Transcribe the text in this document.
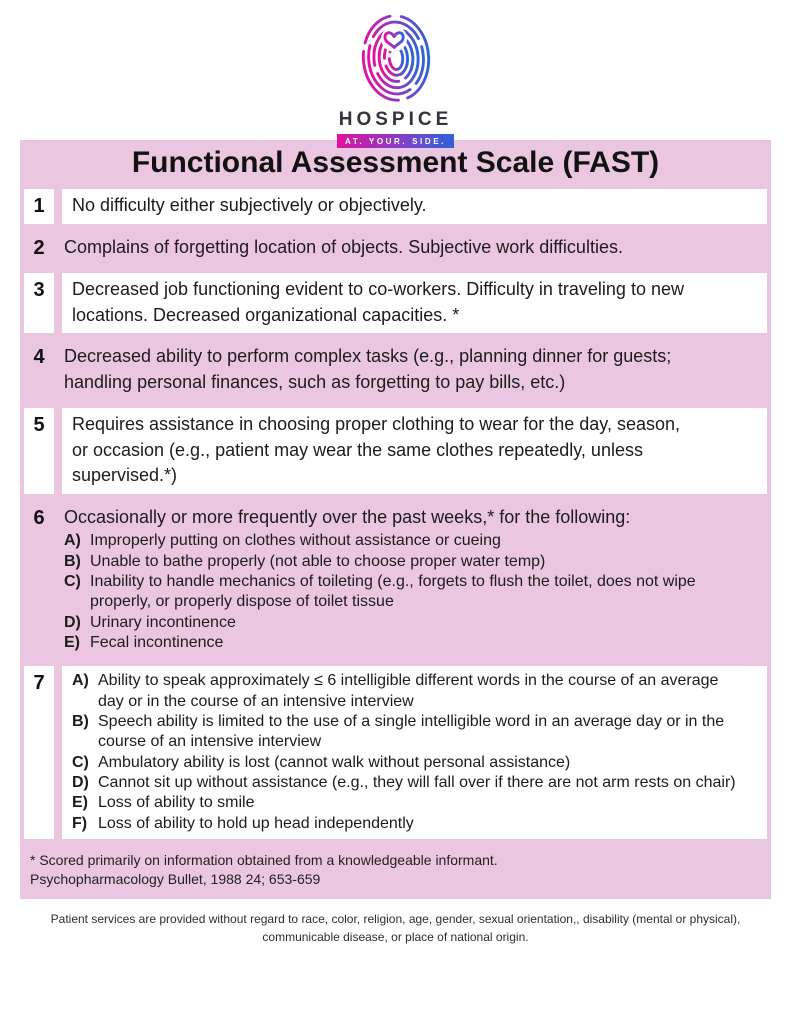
HOSPICE
AT. YOUR. SIDE.
Functional Assessment Scale (FAST)
1	No difficulty either subjectively or objectively.
2	Complains of forgetting location of objects. Subjective work difficulties.
3	Decreased job functioning evident to co-workers. Difficulty in traveling to new locations. Decreased organizational capacities. *
4	Decreased ability to perform complex tasks (e.g., planning dinner for guests; handling personal finances, such as forgetting to pay bills, etc.)
5	Requires assistance in choosing proper clothing to wear for the day, season, or occasion (e.g., patient may wear the same clothes repeatedly, unless supervised.*)
6	Occasionally or more frequently over the past weeks,* for the following:
A) Improperly putting on clothes without assistance or cueing
B) Unable to bathe properly (not able to choose proper water temp)
C) Inability to handle mechanics of toileting (e.g., forgets to flush the toilet, does not wipe properly, or properly dispose of toilet tissue
D) Urinary incontinence
E) Fecal incontinence
7	A) Ability to speak approximately ≤ 6 intelligible different words in the course of an average day or in the course of an intensive interview
B) Speech ability is limited to the use of a single intelligible word in an average day or in the course of an intensive interview
C) Ambulatory ability is lost (cannot walk without personal assistance)
D) Cannot sit up without assistance (e.g., they will fall over if there are not arm rests on chair)
E) Loss of ability to smile
F) Loss of ability to hold up head independently
* Scored primarily on information obtained from a knowledgeable informant.
Psychopharmacology Bullet, 1988 24; 653-659
Patient services are provided without regard to race, color, religion, age, gender, sexual orientation,, disability (mental or physical), communicable disease, or place of national origin.
